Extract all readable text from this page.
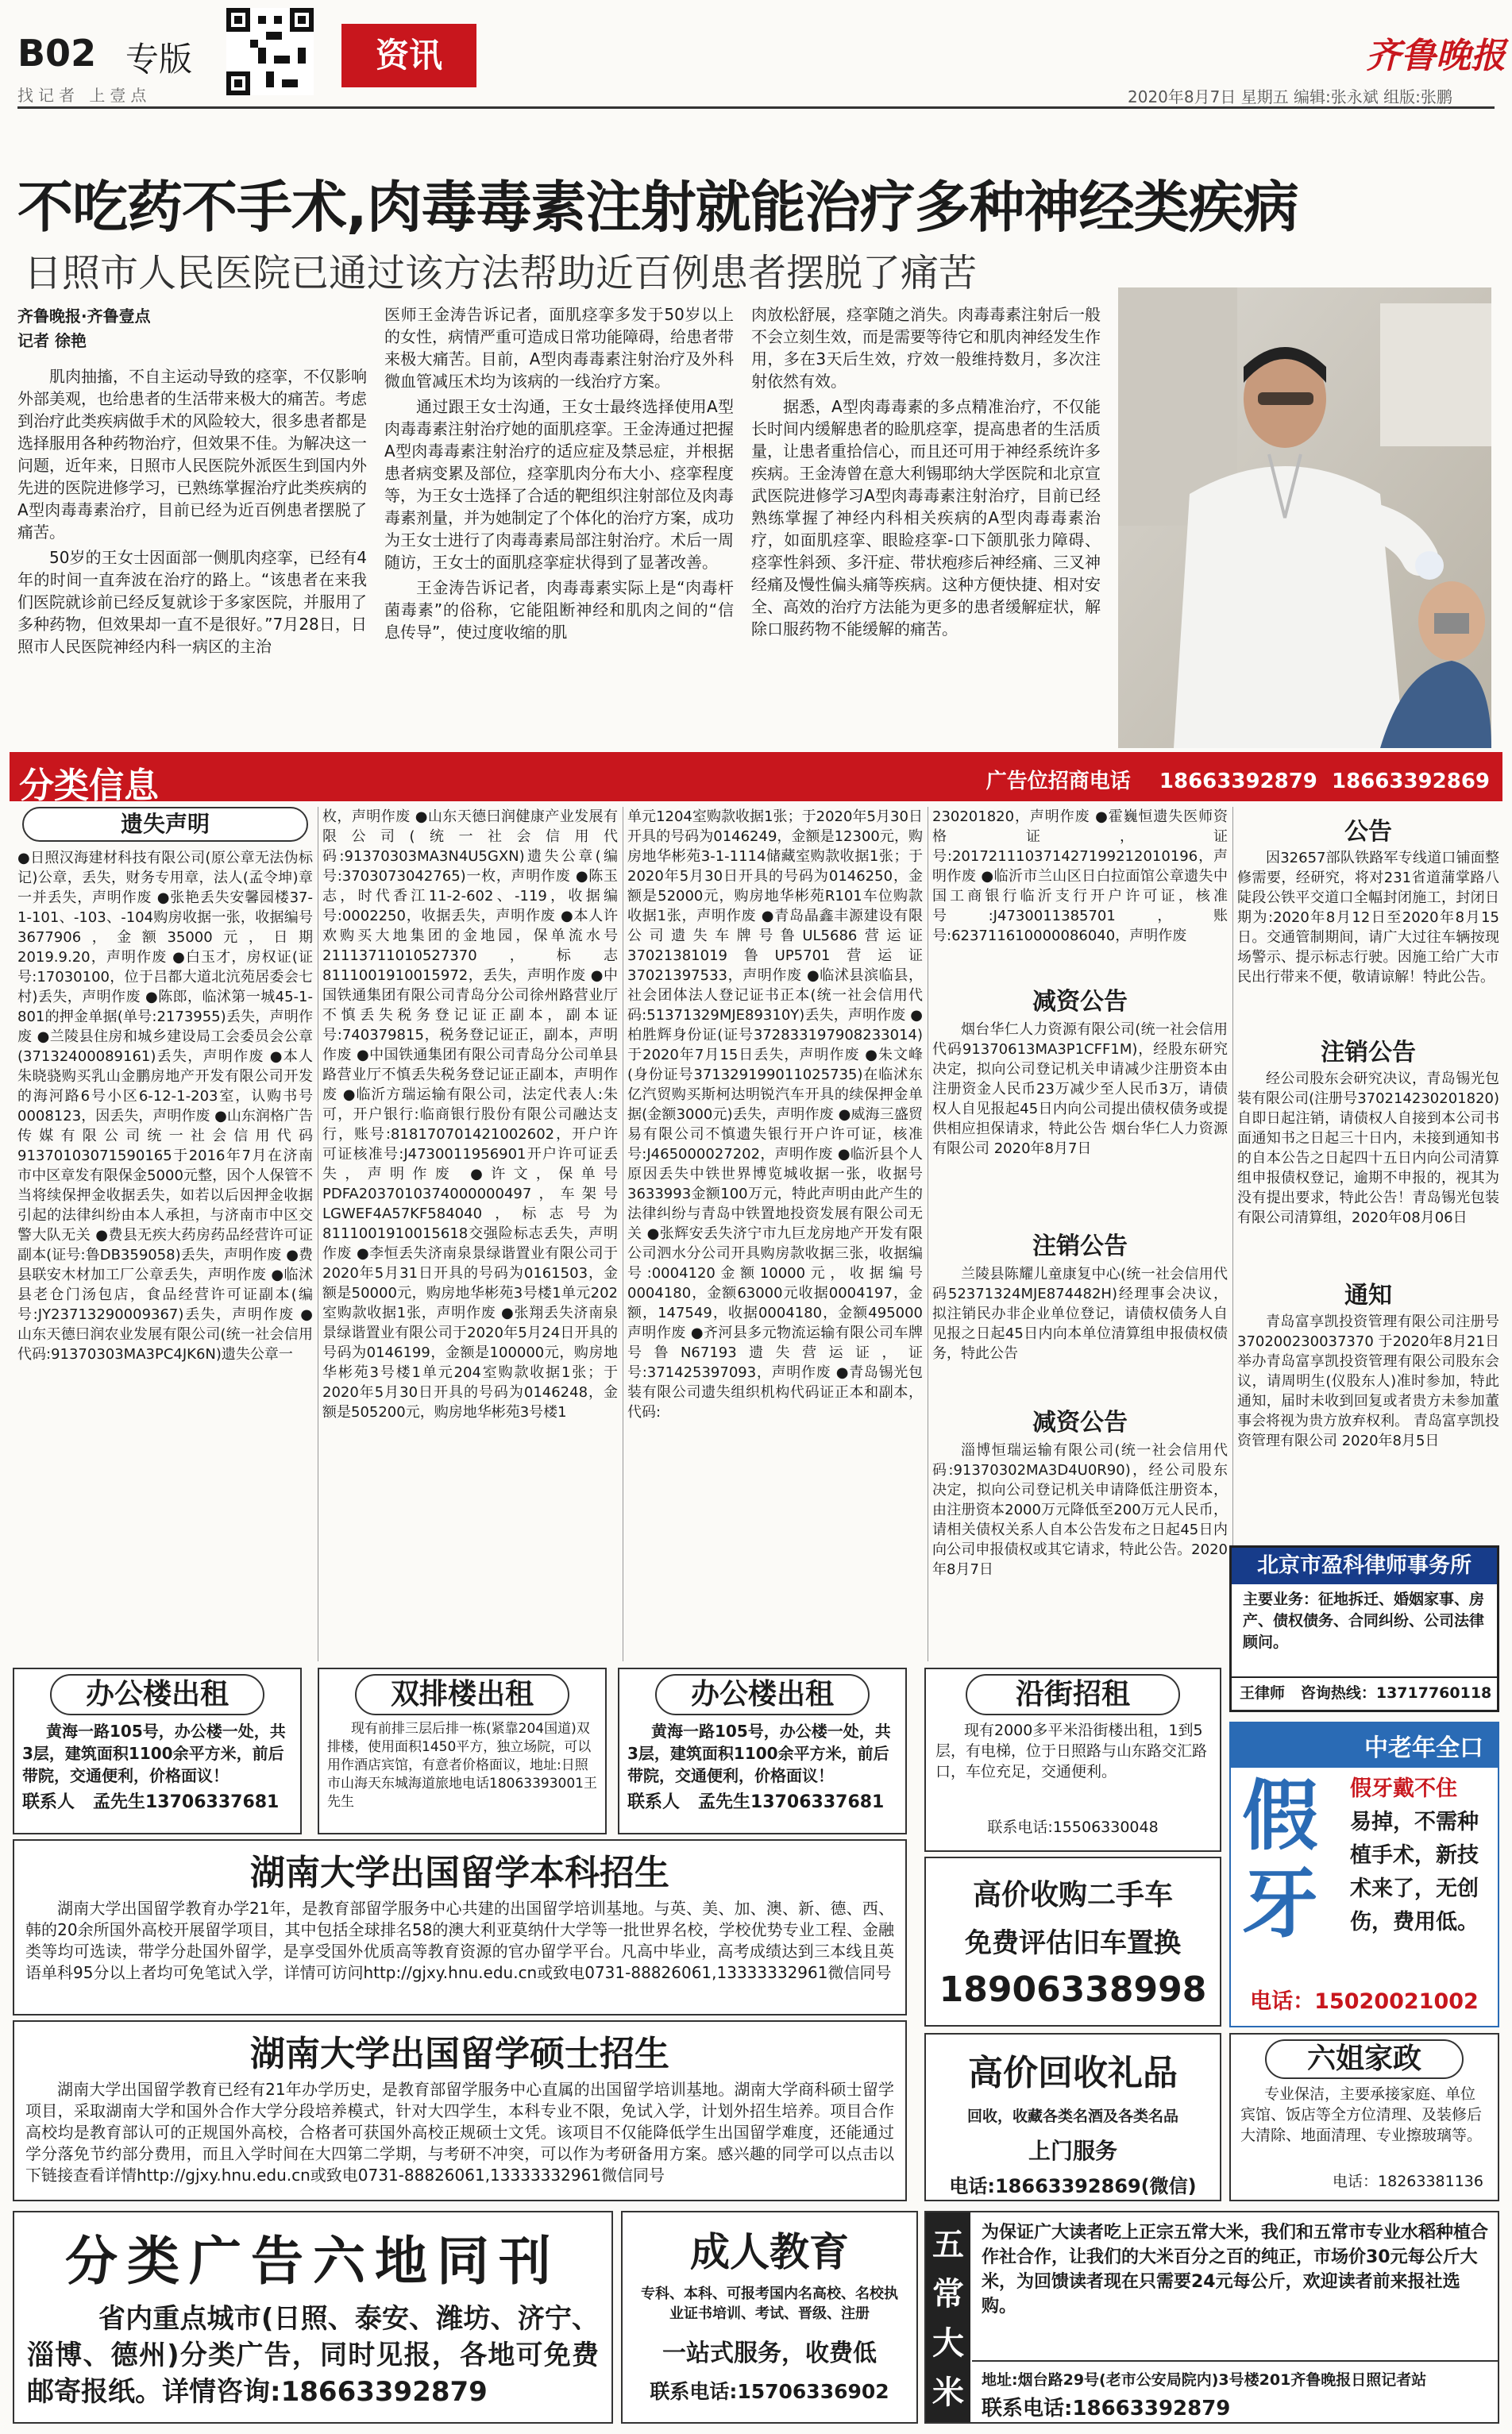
B02 专版
找记者 上壹点
资讯	齐鲁晚报
2020年8月7日 星期五 编辑:张永斌 组版:张鹏
不吃药不手术,肉毒毒素注射就能治疗多种神经类疾病
日照市人民医院已通过该方法帮助近百例患者摆脱了痛苦
齐鲁晚报·齐鲁壹点
记者 徐艳

肌肉抽搐，不自主运动导致的痉挛，不仅影响外部美观，也给患者的生活带来极大的痛苦。考虑到治疗此类疾病做手术的风险较大，很多患者都是选择服用各种药物治疗，但效果不佳。为解决这一问题，近年来，日照市人民医院外派医生到国内外先进的医院进修学习，已熟练掌握治疗此类疾病的A型肉毒毒素治疗，目前已经为近百例患者摆脱了痛苦。

50岁的王女士因面部一侧肌肉痉挛，已经有4年的时间一直奔波在治疗的路上。“该患者在来我们医院就诊前已经反复就诊于多家医院，并服用了多种药物，但效果却一直不是很好。”7月28日，日照市人民医院神经内科一病区的主治

医师王金涛告诉记者，面肌痉挛多发于50岁以上的女性，病情严重可造成日常功能障碍，给患者带来极大痛苦。目前，A型肉毒毒素注射治疗及外科微血管减压术均为该病的一线治疗方案。

通过跟王女士沟通，王女士最终选择使用A型肉毒毒素注射治疗她的面肌痉挛。王金涛通过把握A型肉毒毒素注射治疗的适应症及禁忌症，并根据患者病变累及部位，痉挛肌肉分布大小、痉挛程度等，为王女士选择了合适的靶组织注射部位及肉毒毒素剂量，并为她制定了个体化的治疗方案，成功为王女士进行了肉毒毒素局部注射治疗。术后一周随访，王女士的面肌痉挛症状得到了显著改善。

王金涛告诉记者，肉毒毒素实际上是“肉毒杆菌毒素”的俗称，它能阻断神经和肌肉之间的“信息传导”，使过度收缩的肌

肉放松舒展，痉挛随之消失。肉毒毒素注射后一般不会立刻生效，而是需要等待它和肌肉神经发生作用，多在3天后生效，疗效一般维持数月，多次注射依然有效。

据悉，A型肉毒毒素的多点精准治疗，不仅能长时间内缓解患者的睑肌痉挛，提高患者的生活质量，让患者重拾信心，而且还可用于神经系统许多疾病。王金涛曾在意大利锡耶纳大学医院和北京宣武医院进修学习A型肉毒毒素注射治疗，目前已经熟练掌握了神经内科相关疾病的A型肉毒毒素治疗，如面肌痉挛、眼睑痉挛-口下颌肌张力障碍、痉挛性斜颈、多汗症、带状疱疹后神经痛、三叉神经痛及慢性偏头痛等疾病。这种方便快捷、相对安全、高效的治疗方法能为更多的患者缓解症状，解除口服药物不能缓解的痛苦。

分类信息	广告位招商电话    18663392879  18663392869
遗失声明
●日照汉海建材科技有限公司(原公章无法伪标记)公章，丢失，财务专用章，法人(孟令坤)章一并丢失，声明作废 ●张艳丢失安馨园楼37-1-101、-103、-104购房收据一张，收据编号3677906，金额35000元，日期2019.9.20，声明作废 ●白玉才，房权证(证号:17030100，位于吕都大道北沆苑居委会七村)丢失，声明作废 ●陈郎，临沭第一城45-1-801的押金单据(单号:2173955)丢失，声明作废 ●兰陵县住房和城乡建设局工会委员会公章(37132400089161)丢失，声明作废 ●本人朱晓骁购买乳山金鹏房地产开发有限公司开发的海河路6号小区6-12-1-203室，认购书号0008123，因丢失，声明作废 ●山东润格广告传媒有限公司统一社会信用代码91370103071590165于2016年7月在济南市中区章发有限保金5000元整，因个人保管不当将续保押金收据丢失，如若以后因押金收据引起的法律纠纷由本人承担，与济南市中区交警大队无关 ●费县无疾大药房药品经营许可证副本(证号:鲁DB359058)丢失，声明作废 ●费县联安木材加工厂公章丢失，声明作废 ●临沭县老仓门汤包店，食品经营许可证副本(编号:JY23713290009367)丢失，声明作废 ●山东天德曰润农业发展有限公司(统一社会信用代码:91370303MA3PC4JK6N)遗失公章一
枚，声明作废 ●山东天德曰润健康产业发展有限公司(统一社会信用代码:91370303MA3N4U5GXN)遗失公章(编号:3703073042765)一枚，声明作废 ●陈玉志，时代香江11-2-602、-119，收据编号:0002250，收据丢失，声明作废 ●本人许欢购买大地集团的金地园，保单流水号21113711010527370，标志8111001910015972，丢失，声明作废 ●中国铁通集团有限公司青岛分公司徐州路营业厅不慎丢失税务登记证正副本，副本证号:740379815，税务登记证正，副本，声明作废 ●中国铁通集团有限公司青岛分公司单县路营业厅不慎丢失税务登记证正副本，声明作废 ●临沂方瑞运输有限公司，法定代表人:朱可，开户银行:临商银行股份有限公司融达支行，账号:818170701421002602，开户许可证核准号:J4730011956901开户许可证丢失，声明作废 ●许文，保单号PDFA2037010374000000497，车架号LGWEF4A57KF584040，标志号为8111001910015618交强险标志丢失，声明作废 ●李恒丢失济南泉景绿谐置业有限公司于2020年5月31日开具的号码为0161503，金额是50000元，购房地华彬苑3号楼1单元202室购款收据1张，声明作废 ●张翔丢失济南泉景绿谐置业有限公司于2020年5月24日开具的号码为0146199，金额是100000元，购房地华彬苑3号楼1单元204室购款收据1张；于2020年5月30日开具的号码为0146248，金额是505200元，购房地华彬苑3号楼1
单元1204室购款收据1张；于2020年5月30日开具的号码为0146249，金额是12300元，购房地华彬苑3-1-1114储藏室购款收据1张；于2020年5月30日开具的号码为0146250，金额是52000元，购房地华彬苑R101车位购款收据1张，声明作废 ●青岛晶鑫丰源建设有限公司遗失车牌号鲁UL5686营运证37021381019鲁UP5701营运证37021397533，声明作废 ●临沭县滨临县，社会团体法人登记证书正本(统一社会信用代码:51371329MJE89310Y)丢失，声明作废 ●柏胜辉身份证(证号372833197908233014)于2020年7月15日丢失，声明作废 ●朱文峰(身份证号371329199011025735)在临沭东亿汽贸购买斯柯达明锐汽车开具的续保押金单据(金额3000元)丢失，声明作废 ●威海三盛贸易有限公司不慎遗失银行开户许可证，核准号:J465000027202，声明作废 ●临沂县个人原因丢失中铁世界博览城收据一张，收据号3633993金额100万元，特此声明由此产生的法律纠纷与青岛中铁置地投资发展有限公司无关 ●张辉安丢失济宁市九巨龙房地产开发有限公司泗水分公司开具购房款收据三张，收据编号:0004120金额10000元，收据编号0004180，金额63000元收据0004197，金额，147549，收据0004180，金额495000声明作废 ●齐河县多元物流运输有限公司车牌号鲁N67193遗失营运证，证号:371425397093，声明作废 ●青岛锡光包装有限公司遗失组织机构代码证正本和副本，代码:
230201820，声明作废 ●霍巍恒遗失医师资格证，证号:201721110371427199212010196，声明作废 ●临沂市兰山区日白拉面馆公章遗失中国工商银行临沂支行开户许可证，核准号:J4730011385701，账号:623711610000086040，声明作废
减资公告
烟台华仁人力资源有限公司(统一社会信用代码91370613MA3P1CFF1M)，经股东研究决定，拟向公司登记机关申请减少注册资本由注册资金人民币23万减少至人民币3万，请债权人自见报起45日内向公司提出债权债务或提供相应担保请求，特此公告 烟台华仁人力资源有限公司 2020年8月7日
注销公告
兰陵县陈耀儿童康复中心(统一社会信用代码52371324MJE874482H)经理事会决议，拟注销民办非企业单位登记，请债权债务人自见报之日起45日内向本单位清算组申报债权债务，特此公告
减资公告
淄博恒瑞运输有限公司(统一社会信用代码:91370302MA3D4U0R90)，经公司股东决定，拟向公司登记机关申请降低注册资本，由注册资本2000万元降低至200万元人民币，请相关债权关系人自本公告发布之日起45日内向公司申报债权或其它请求，特此公告。2020年8月7日
公告
因32657部队铁路军专线道口铺面整修需要，经研究，将对231省道蒲掌路八陡段公铁平交道口全幅封闭施工，封闭日期为:2020年8月12日至2020年8月15日。交通管制期间，请广大过往车辆按现场警示、提示标志行驶。因施工给广大市民出行带来不便，敬请谅解！特此公告。
注销公告
经公司股东会研究决议，青岛锡光包装有限公司(注册号370214230201820)自即日起注销，请债权人自接到本公司书面通知书之日起三十日内，未接到通知书的自本公告之日起四十五日内向公司清算组申报债权登记，逾期不申报的，视其为没有提出要求，特此公告！青岛锡光包装有限公司清算组，2020年08月06日
通知
青岛富享凯投资管理有限公司注册号370200230037370 于2020年8月21日举办青岛富享凯投资管理有限公司股东会议，请周明生(仪股东人)准时参加，特此通知，届时未收到回复或者贵方未参加董事会将视为贵方放弃权利。 青岛富享凯投资管理有限公司 2020年8月5日
北京市盈科律师事务所
主要业务：征地拆迁、婚姻家事、房产、债权债务、合同纠纷、公司法律顾问。
王律师   咨询热线：13717760118
办公楼出租
黄海一路105号，办公楼一处，共3层，建筑面积1100余平方米，前后带院，交通便利，价格面议！
联系人   孟先生13706337681
双排楼出租
现有前排三层后排一栋(紧靠204国道)双排楼，使用面积1450平方，独立场院，可以用作酒店宾馆，有意者价格面议，地址:日照市山海天东城海道旅地电话18063393001王先生
办公楼出租
黄海一路105号，办公楼一处，共3层，建筑面积1100余平方米，前后带院，交通便利，价格面议！
联系人   孟先生13706337681
沿街招租
现有2000多平米沿街楼出租，1到5层，有电梯，位于日照路与山东路交汇路口，车位充足，交通便利。
联系电话:15506330048
中老年全口
假牙
假牙戴不住
易掉，不需种
植手术，新技
术来了，无创
伤，费用低。
电话：15020021002
湖南大学出国留学本科招生
湖南大学出国留学教育办学21年，是教育部留学服务中心共建的出国留学培训基地。与英、美、加、澳、新、德、西、韩的20余所国外高校开展留学项目，其中包括全球排名58的澳大利亚莫纳什大学等一批世界名校，学校优势专业工程、金融类等均可选读，带学分赴国外留学，是享受国外优质高等教育资源的官办留学平台。凡高中毕业，高考成绩达到三本线且英语单科95分以上者均可免笔试入学，详情可访问http://gjxy.hnu.edu.cn或致电0731-88826061,13333332961微信同号
湖南大学出国留学硕士招生
湖南大学出国留学教育已经有21年办学历史，是教育部留学服务中心直属的出国留学培训基地。湖南大学商科硕士留学项目，采取湖南大学和国外合作大学分段培养模式，针对大四学生，本科专业不限，免试入学，计划外招生培养。项目合作高校均是教育部认可的正规国外高校，合格者可获国外高校正规硕士文凭。该项目不仅能降低学生出国留学难度，还能通过学分落免节约部分费用，而且入学时间在大四第二学期，与考研不冲突，可以作为考研备用方案。感兴趣的同学可以点击以下链接查看详情http://gjxy.hnu.edu.cn或致电0731-88826061,13333332961微信同号
高价收购二手车
免费评估旧车置换
18906338998
高价回收礼品
回收，收藏各类名酒及各类名品
上门服务
电话:18663392869(微信)
六姐家政
专业保洁，主要承接家庭、单位宾馆、饭店等全方位清理、及装修后大清除、地面清理、专业擦玻璃等。
电话：18263381136
分类广告六地同刊
省内重点城市(日照、泰安、潍坊、济宁、淄博、德州)分类广告，同时见报，各地可免费邮寄报纸。详情咨询:18663392879
成人教育
专科、本科、可报考国内名高校、名校执业证书培训、考试、晋级、注册
一站式服务，收费低
联系电话:15706336902
五常大米
为保证广大读者吃上正宗五常大米，我们和五常市专业水稻种植合作社合作，让我们的大米百分之百的纯正，市场价30元每公斤大米，为回馈读者现在只需要24元每公斤，欢迎读者前来报社选购。
地址:烟台路29号(老市公安局院内)3号楼201齐鲁晚报日照记者站
联系电话:18663392879
